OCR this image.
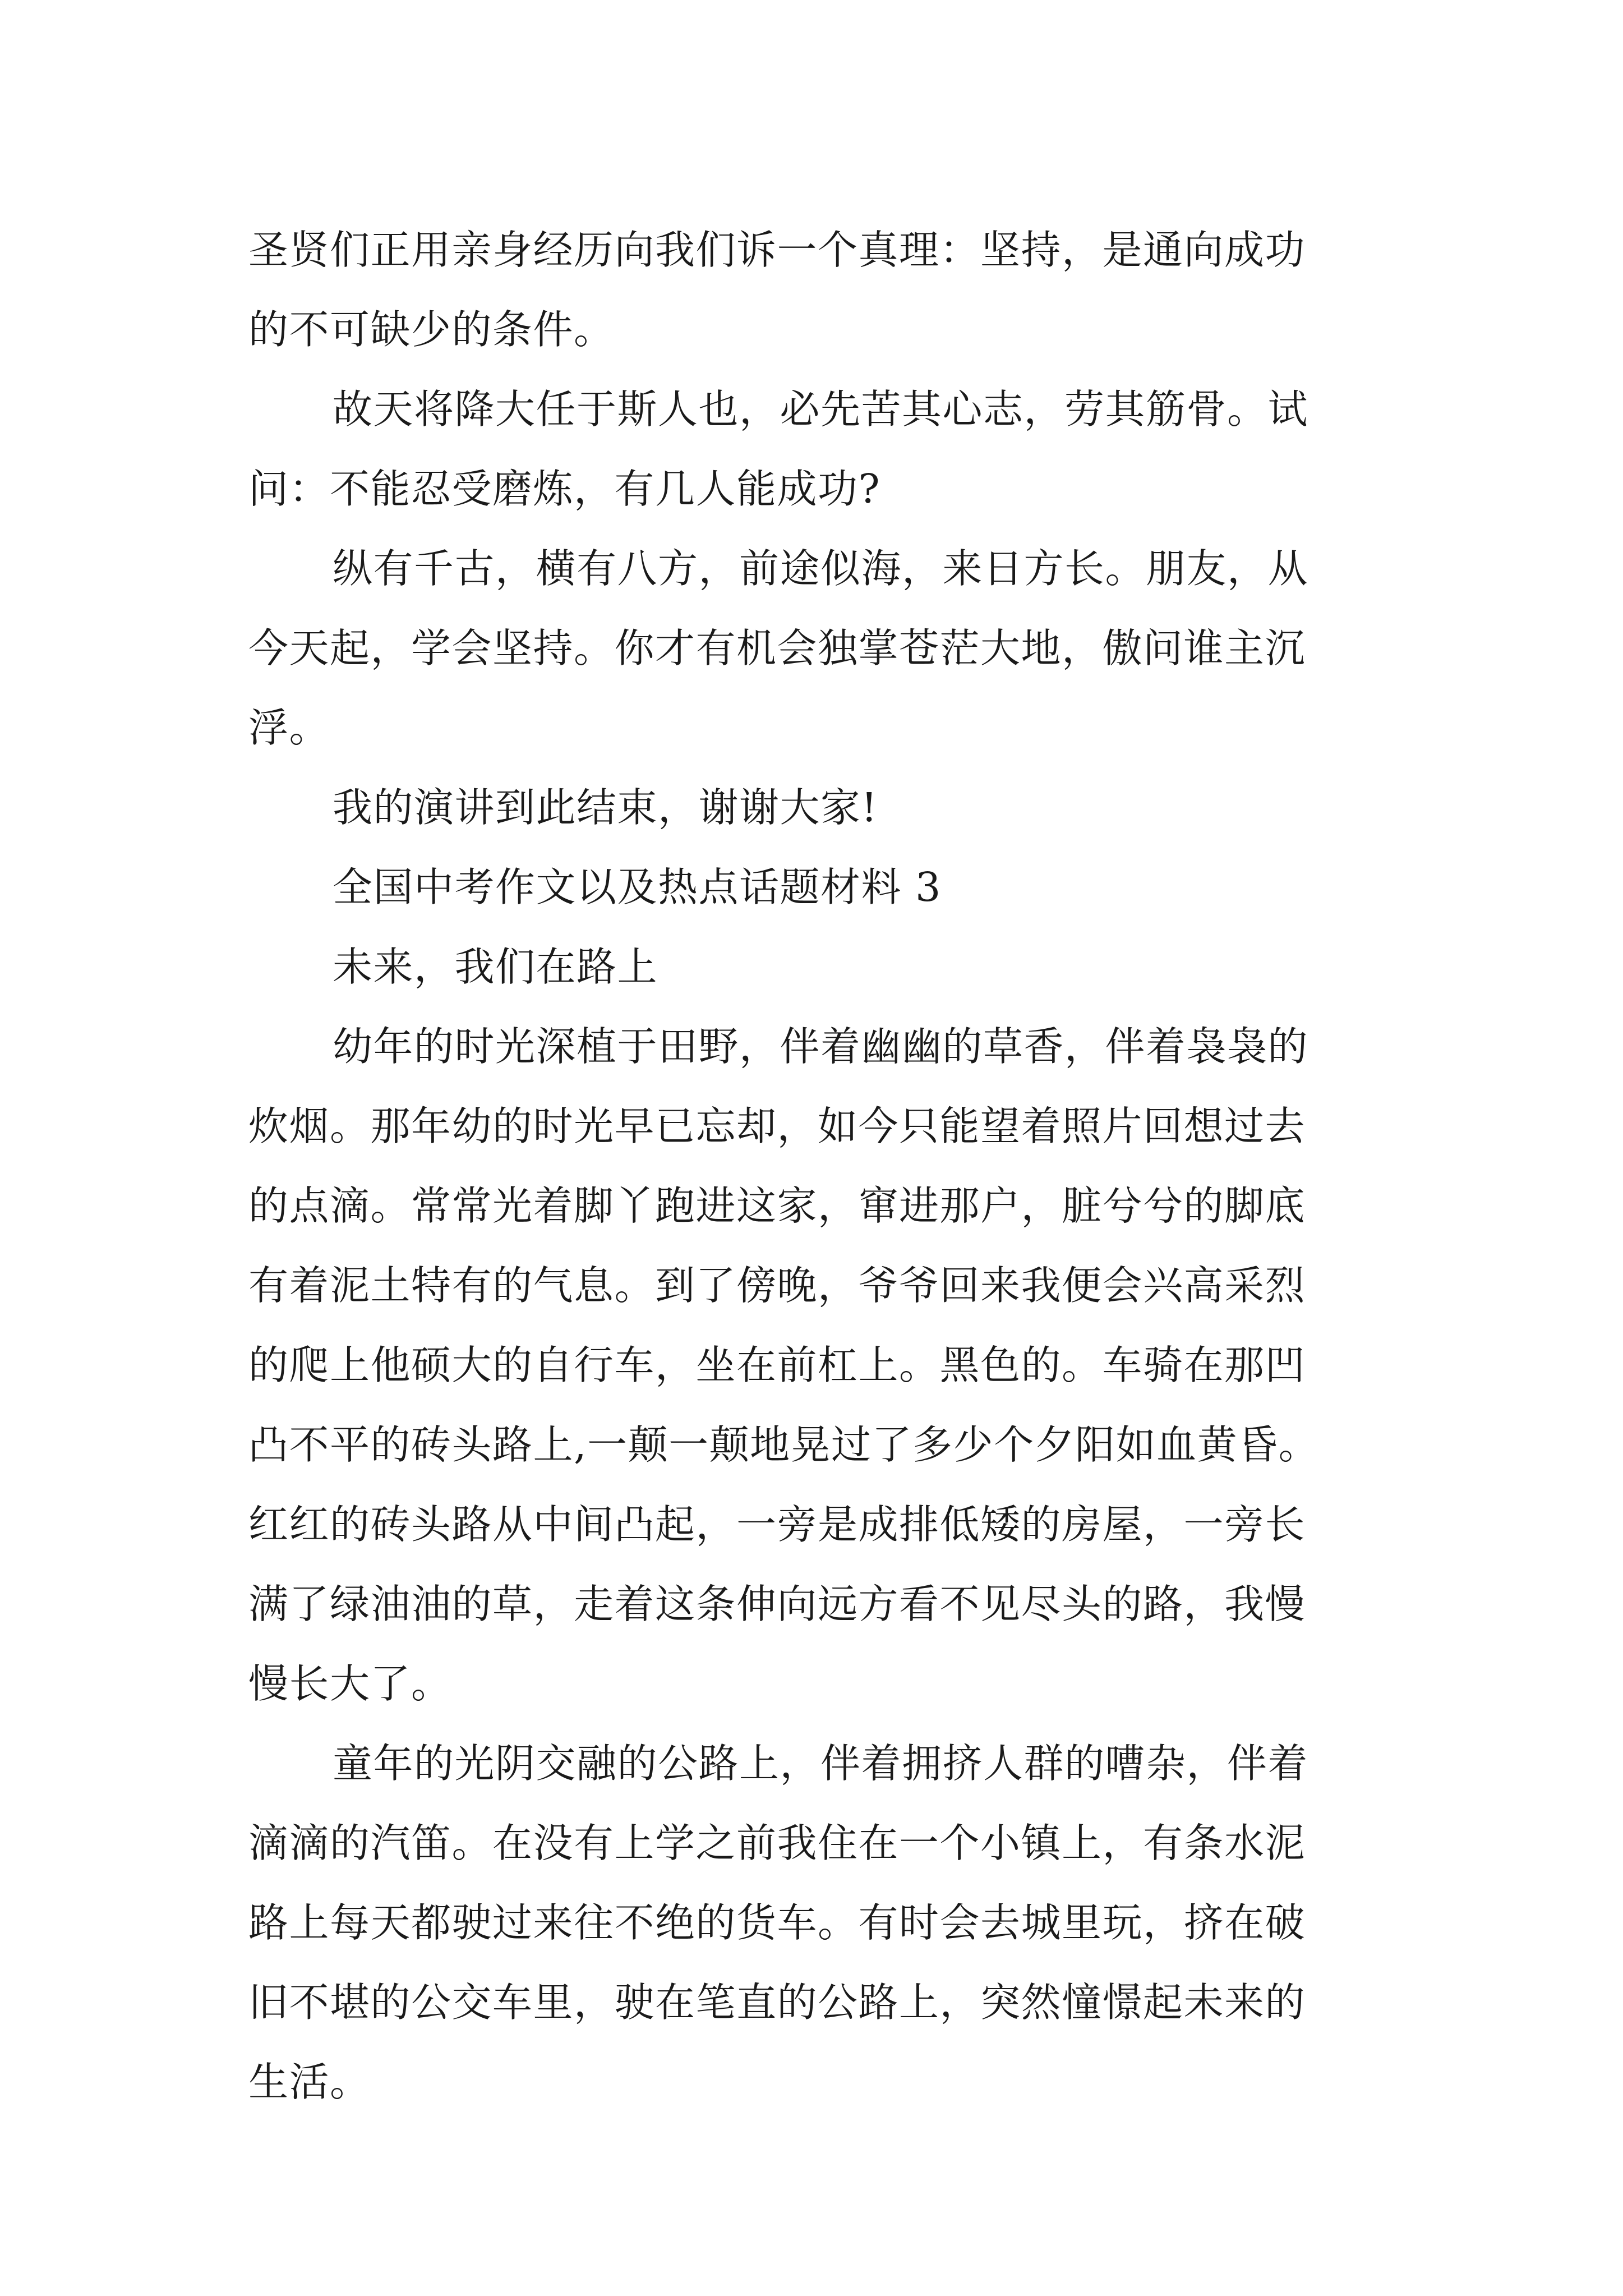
圣贤们正用亲身经历向我们诉一个真理：坚持，是通向成功
的不可缺少的条件。

故天将降大任于斯人也，必先苦其心志，劳其筋骨。试
问：不能忍受磨炼，有几人能成功?

纵有千古，横有八方，前途似海，来日方长。朋友，从
今天起，学会坚持。你才有机会独掌苍茫大地，傲问谁主沉
浮。

我的演讲到此结束，谢谢大家!

全国中考作文以及热点话题材料 3

未来，我们在路上

幼年的时光深植于田野，伴着幽幽的草香，伴着袅袅的
炊烟。那年幼的时光早已忘却，如今只能望着照片回想过去
的点滴。常常光着脚丫跑进这家，窜进那户，脏兮兮的脚底
有着泥土特有的气息。到了傍晚，爷爷回来我便会兴高采烈
的爬上他硕大的自行车，坐在前杠上。黑色的。车骑在那凹
凸不平的砖头路上,一颠一颠地晃过了多少个夕阳如血黄昏。
红红的砖头路从中间凸起，一旁是成排低矮的房屋，一旁长
满了绿油油的草，走着这条伸向远方看不见尽头的路，我慢
慢长大了。

童年的光阴交融的公路上，伴着拥挤人群的嘈杂，伴着
滴滴的汽笛。在没有上学之前我住在一个小镇上，有条水泥
路上每天都驶过来往不绝的货车。有时会去城里玩，挤在破
旧不堪的公交车里，驶在笔直的公路上，突然憧憬起未来的
生活。
